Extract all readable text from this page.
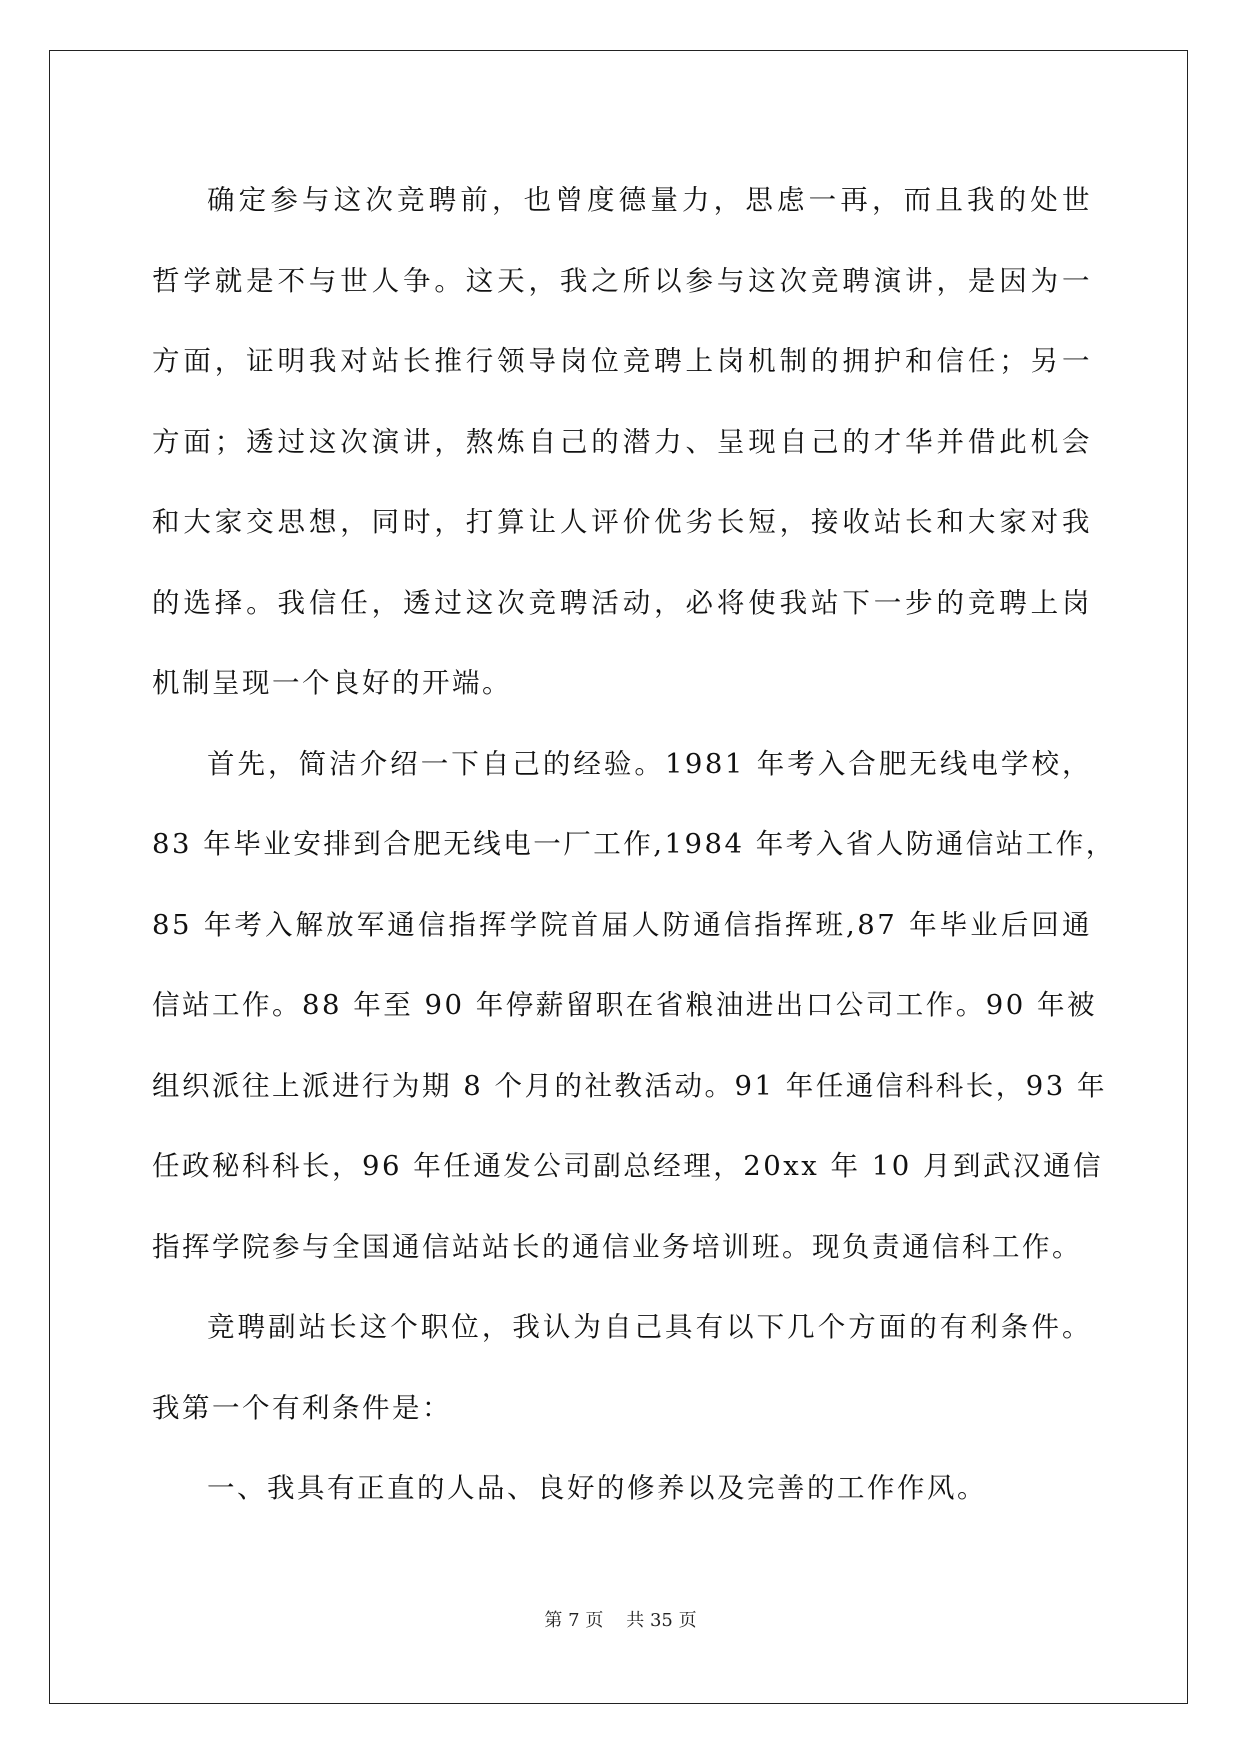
确定参与这次竞聘前，也曾度德量力，思虑一再，而且我的处世
哲学就是不与世人争。这天，我之所以参与这次竞聘演讲，是因为一
方面，证明我对站长推行领导岗位竞聘上岗机制的拥护和信任；另一
方面；透过这次演讲，熬炼自己的潜力、呈现自己的才华并借此机会
和大家交思想，同时，打算让人评价优劣长短，接收站长和大家对我
的选择。我信任，透过这次竞聘活动，必将使我站下一步的竞聘上岗
机制呈现一个良好的开端。

首先，简洁介绍一下自己的经验。1981 年考入合肥无线电学校，
83 年毕业安排到合肥无线电一厂工作,1984 年考入省人防通信站工作，
85 年考入解放军通信指挥学院首届人防通信指挥班,87 年毕业后回通
信站工作。88 年至 90 年停薪留职在省粮油进出口公司工作。90 年被
组织派往上派进行为期 8 个月的社教活动。91 年任通信科科长，93 年
任政秘科科长，96 年任通发公司副总经理，20xx 年 10 月到武汉通信
指挥学院参与全国通信站站长的通信业务培训班。现负责通信科工作。

竞聘副站长这个职位，我认为自己具有以下几个方面的有利条件。
我第一个有利条件是：

一、我具有正直的人品、良好的修养以及完善的工作作风。

第 7 页 共 35 页
